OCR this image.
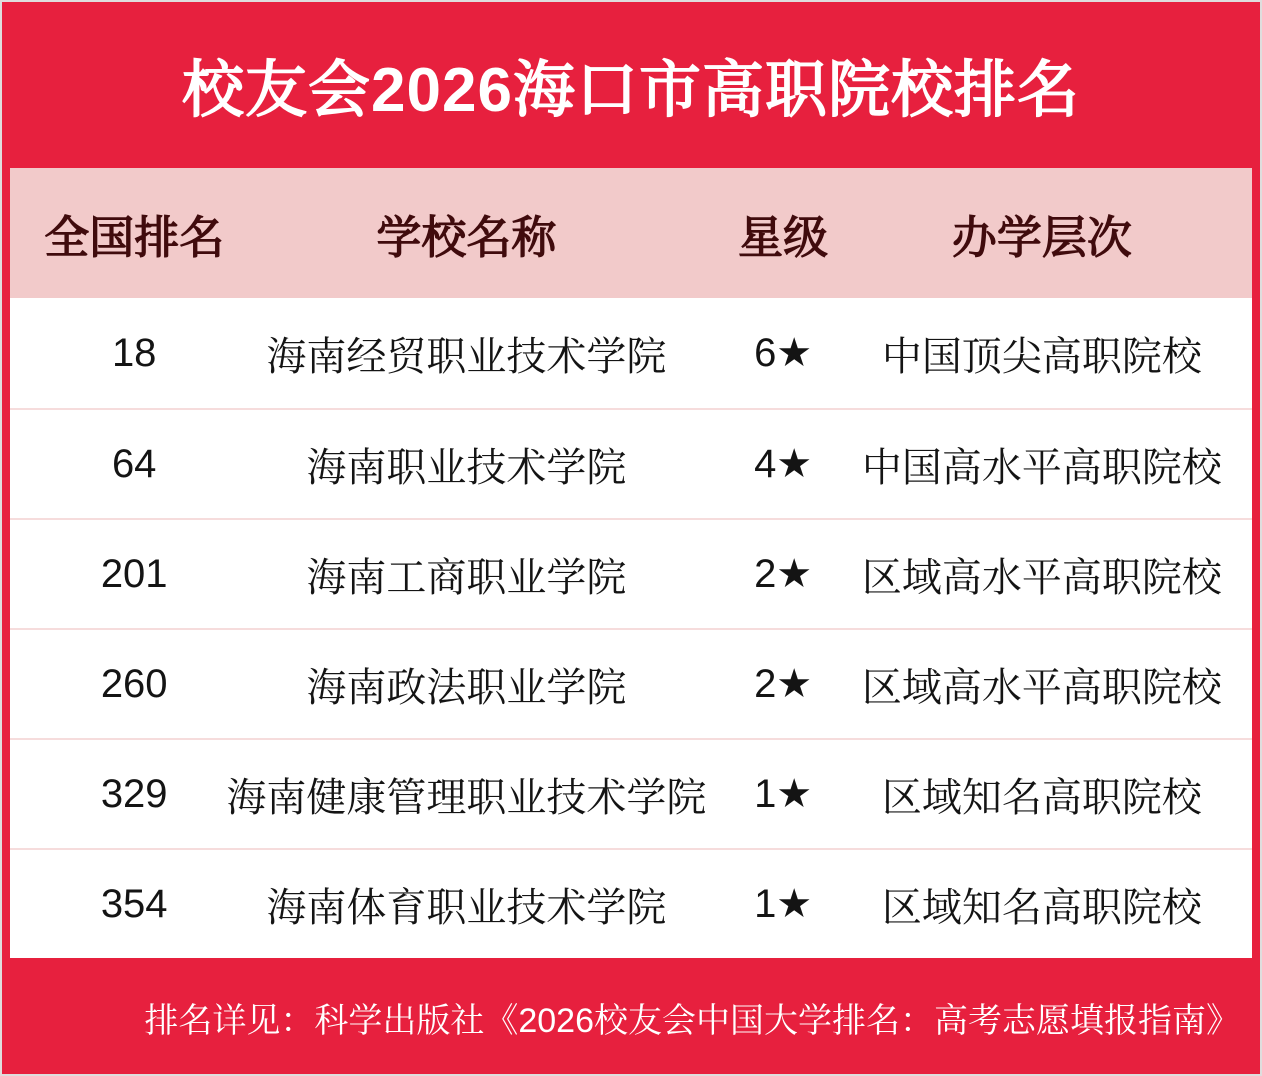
校友会2026海口市高职院校排名
全国排名	学校名称	星级	办学层次
18	海南经贸职业技术学院	6★	中国顶尖高职院校
64	海南职业技术学院	4★	中国高水平高职院校
201	海南工商职业学院	2★	区域高水平高职院校
260	海南政法职业学院	2★	区域高水平高职院校
329	海南健康管理职业技术学院	1★	区域知名高职院校
354	海南体育职业技术学院	1★	区域知名高职院校
排名详见：科学出版社《2026校友会中国大学排名：高考志愿填报指南》
